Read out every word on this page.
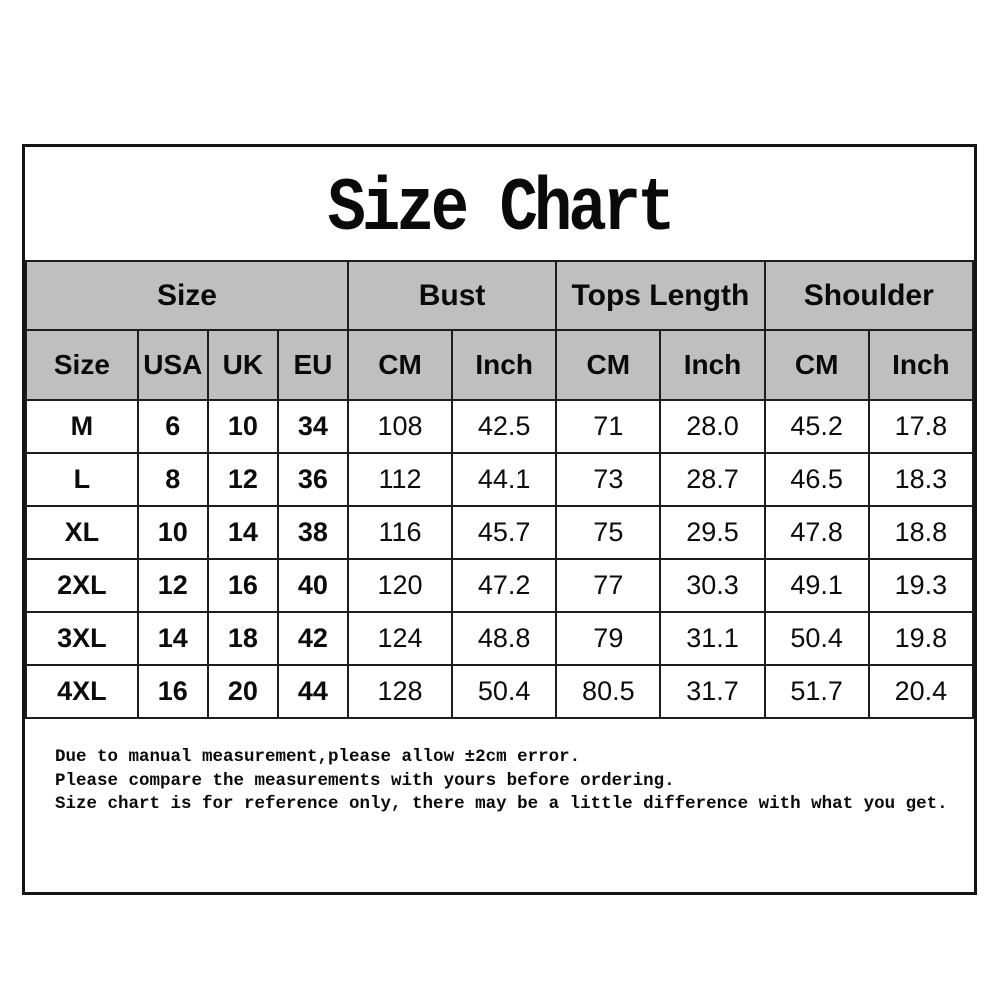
Size Chart
Size				Bust		Tops Length		Shoulder	
Size	USA	UK	EU	CM	Inch	CM	Inch	CM	Inch
M	6	10	34	108	42.5	71	28.0	45.2	17.8
L	8	12	36	112	44.1	73	28.7	46.5	18.3
XL	10	14	38	116	45.7	75	29.5	47.8	18.8
2XL	12	16	40	120	47.2	77	30.3	49.1	19.3
3XL	14	18	42	124	48.8	79	31.1	50.4	19.8
4XL	16	20	44	128	50.4	80.5	31.7	51.7	20.4

Due to manual measurement,please allow ±2cm error.

Please compare the measurements with yours before ordering.

Size chart is for reference only, there may be a little difference with what you get.
